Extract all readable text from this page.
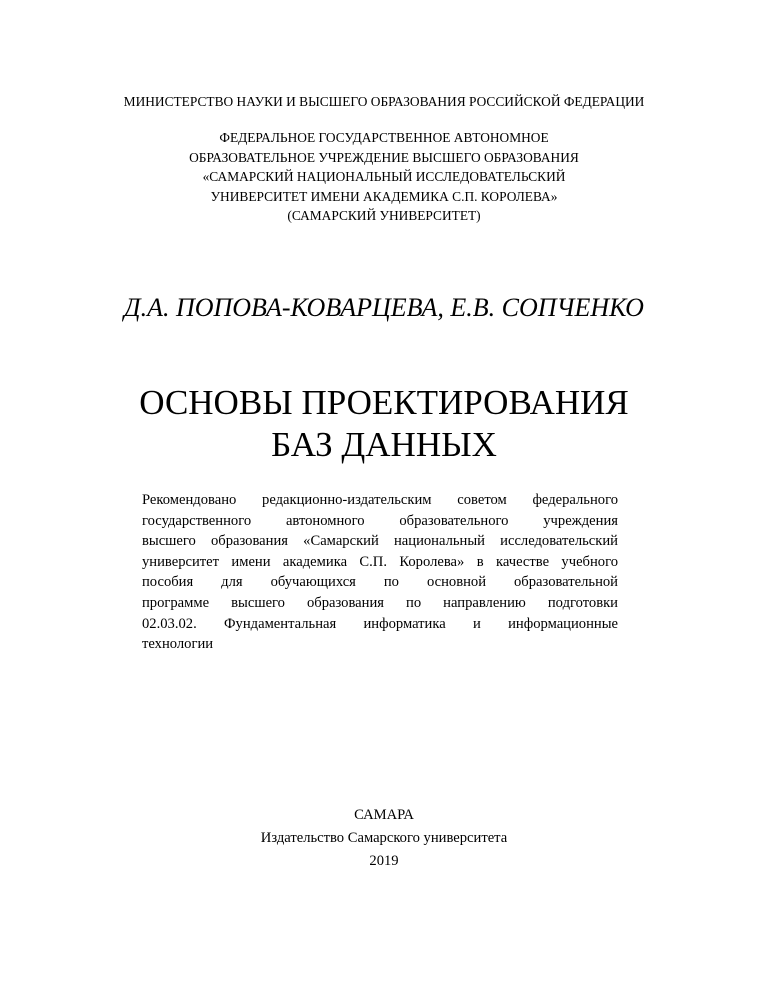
МИНИСТЕРСТВО НАУКИ И ВЫСШЕГО ОБРАЗОВАНИЯ РОССИЙСКОЙ ФЕДЕРАЦИИ
ФЕДЕРАЛЬНОЕ ГОСУДАРСТВЕННОЕ АВТОНОМНОЕ
ОБРАЗОВАТЕЛЬНОЕ УЧРЕЖДЕНИЕ ВЫСШЕГО ОБРАЗОВАНИЯ
«САМАРСКИЙ НАЦИОНАЛЬНЫЙ ИССЛЕДОВАТЕЛЬСКИЙ
УНИВЕРСИТЕТ ИМЕНИ АКАДЕМИКА С.П. КОРОЛЕВА»
(САМАРСКИЙ УНИВЕРСИТЕТ)
Д.А. ПОПОВА-КОВАРЦЕВА, Е.В. СОПЧЕНКО
ОСНОВЫ ПРОЕКТИРОВАНИЯ
БАЗ ДАННЫХ
Рекомендовано редакционно-издательским советом федерального
государственного автономного образовательного учреждения
высшего образования «Самарский национальный исследовательский
университет имени академика С.П. Королева» в качестве учебного
пособия для обучающихся по основной образовательной
программе высшего образования по направлению подготовки
02.03.02. Фундаментальная информатика и информационные
технологии
САМАРА
Издательство Самарского университета
2019
